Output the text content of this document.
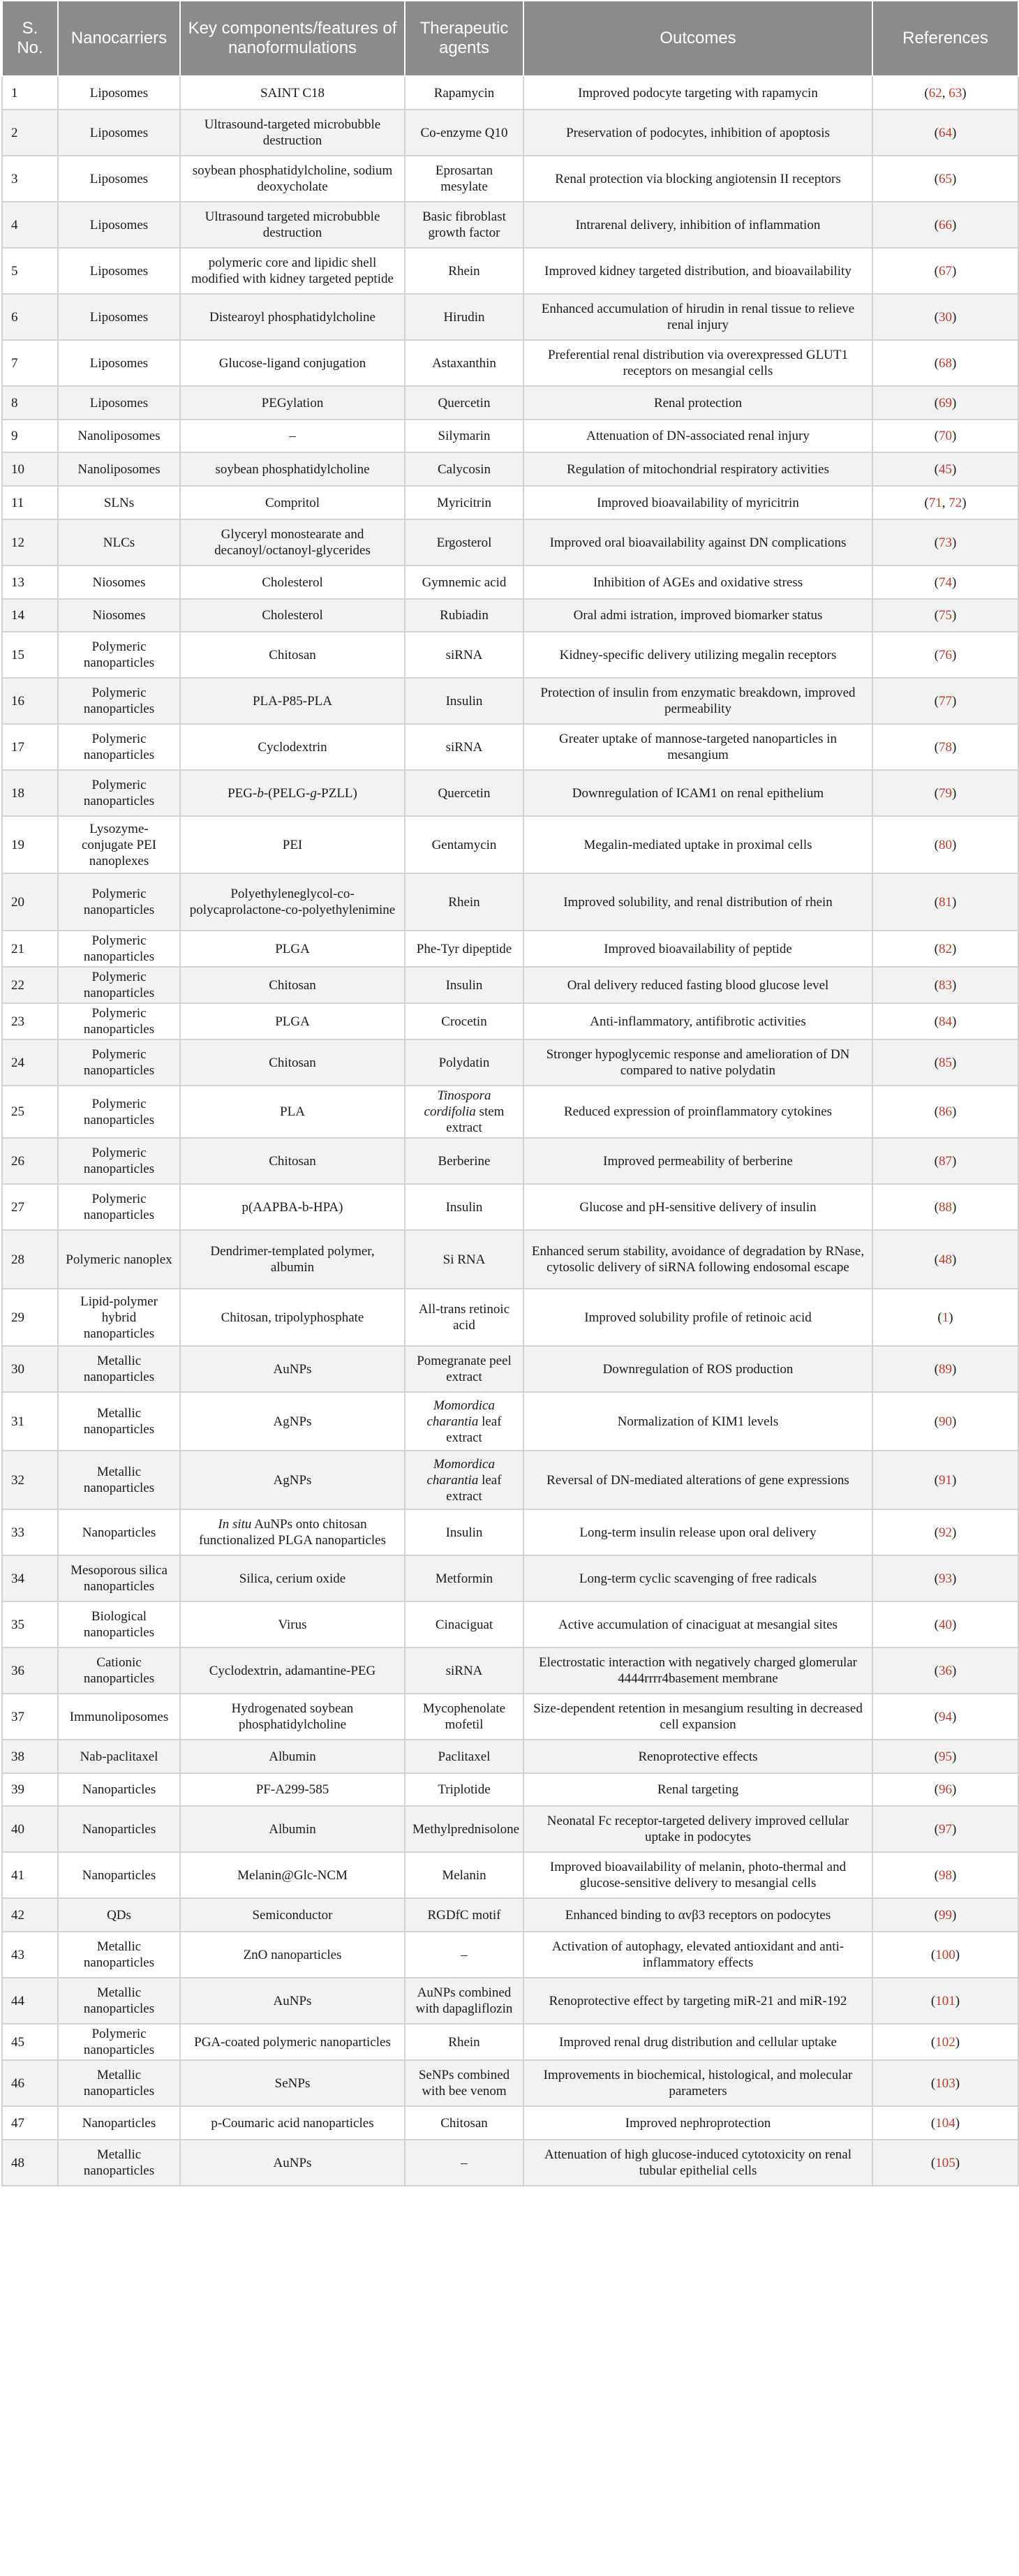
S. No.	Nanocarriers	Key components/features of nanoformulations	Therapeutic agents	Outcomes	References
1	Liposomes	SAINT C18	Rapamycin	Improved podocyte targeting with rapamycin	(62, 63)
2	Liposomes	Ultrasound-targeted microbubble destruction	Co-enzyme Q10	Preservation of podocytes, inhibition of apoptosis	(64)
3	Liposomes	soybean phosphatidylcholine, sodium deoxycholate	Eprosartan mesylate	Renal protection via blocking angiotensin II receptors	(65)
4	Liposomes	Ultrasound targeted microbubble destruction	Basic fibroblast growth factor	Intrarenal delivery, inhibition of inflammation	(66)
5	Liposomes	polymeric core and lipidic shell modified with kidney targeted peptide	Rhein	Improved kidney targeted distribution, and bioavailability	(67)
6	Liposomes	Distearoyl phosphatidylcholine	Hirudin	Enhanced accumulation of hirudin in renal tissue to relieve renal injury	(30)
7	Liposomes	Glucose-ligand conjugation	Astaxanthin	Preferential renal distribution via overexpressed GLUT1 receptors on mesangial cells	(68)
8	Liposomes	PEGylation	Quercetin	Renal protection	(69)
9	Nanoliposomes	–	Silymarin	Attenuation of DN-associated renal injury	(70)
10	Nanoliposomes	soybean phosphatidylcholine	Calycosin	Regulation of mitochondrial respiratory activities	(45)
11	SLNs	Compritol	Myricitrin	Improved bioavailability of myricitrin	(71, 72)
12	NLCs	Glyceryl monostearate and decanoyl/octanoyl-glycerides	Ergosterol	Improved oral bioavailability against DN complications	(73)
13	Niosomes	Cholesterol	Gymnemic acid	Inhibition of AGEs and oxidative stress	(74)
14	Niosomes	Cholesterol	Rubiadin	Oral admi istration, improved biomarker status	(75)
15	Polymeric nanoparticles	Chitosan	siRNA	Kidney-specific delivery utilizing megalin receptors	(76)
16	Polymeric nanoparticles	PLA-P85-PLA	Insulin	Protection of insulin from enzymatic breakdown, improved permeability	(77)
17	Polymeric nanoparticles	Cyclodextrin	siRNA	Greater uptake of mannose-targeted nanoparticles in mesangium	(78)
18	Polymeric nanoparticles	PEG-b-(PELG-g-PZLL)	Quercetin	Downregulation of ICAM1 on renal epithelium	(79)
19	Lysozyme-conjugate PEI nanoplexes	PEI	Gentamycin	Megalin-mediated uptake in proximal cells	(80)
20	Polymeric nanoparticles	Polyethyleneglycol-co-polycaprolactone-co-polyethylenimine	Rhein	Improved solubility, and renal distribution of rhein	(81)
21	Polymeric nanoparticles	PLGA	Phe-Tyr dipeptide	Improved bioavailability of peptide	(82)
22	Polymeric nanoparticles	Chitosan	Insulin	Oral delivery reduced fasting blood glucose level	(83)
23	Polymeric nanoparticles	PLGA	Crocetin	Anti-inflammatory, antifibrotic activities	(84)
24	Polymeric nanoparticles	Chitosan	Polydatin	Stronger hypoglycemic response and amelioration of DN compared to native polydatin	(85)
25	Polymeric nanoparticles	PLA	Tinospora cordifolia stem extract	Reduced expression of proinflammatory cytokines	(86)
26	Polymeric nanoparticles	Chitosan	Berberine	Improved permeability of berberine	(87)
27	Polymeric nanoparticles	p(AAPBA-b-HPA)	Insulin	Glucose and pH-sensitive delivery of insulin	(88)
28	Polymeric nanoplex	Dendrimer-templated polymer, albumin	Si RNA	Enhanced serum stability, avoidance of degradation by RNase, cytosolic delivery of siRNA following endosomal escape	(48)
29	Lipid-polymer hybrid nanoparticles	Chitosan, tripolyphosphate	All-trans retinoic acid	Improved solubility profile of retinoic acid	(1)
30	Metallic nanoparticles	AuNPs	Pomegranate peel extract	Downregulation of ROS production	(89)
31	Metallic nanoparticles	AgNPs	Momordica charantia leaf extract	Normalization of KIM1 levels	(90)
32	Metallic nanoparticles	AgNPs	Momordica charantia leaf extract	Reversal of DN-mediated alterations of gene expressions	(91)
33	Nanoparticles	In situ AuNPs onto chitosan functionalized PLGA nanoparticles	Insulin	Long-term insulin release upon oral delivery	(92)
34	Mesoporous silica nanoparticles	Silica, cerium oxide	Metformin	Long-term cyclic scavenging of free radicals	(93)
35	Biological nanoparticles	Virus	Cinaciguat	Active accumulation of cinaciguat at mesangial sites	(40)
36	Cationic nanoparticles	Cyclodextrin, adamantine-PEG	siRNA	Electrostatic interaction with negatively charged glomerular 4444rrrr4basement membrane	(36)
37	Immunoliposomes	Hydrogenated soybean phosphatidylcholine	Mycophenolate mofetil	Size-dependent retention in mesangium resulting in decreased cell expansion	(94)
38	Nab-paclitaxel	Albumin	Paclitaxel	Renoprotective effects	(95)
39	Nanoparticles	PF-A299-585	Triplotide	Renal targeting	(96)
40	Nanoparticles	Albumin	Methylprednisolone	Neonatal Fc receptor-targeted delivery improved cellular uptake in podocytes	(97)
41	Nanoparticles	Melanin@Glc-NCM	Melanin	Improved bioavailability of melanin, photo-thermal and glucose-sensitive delivery to mesangial cells	(98)
42	QDs	Semiconductor	RGDfC motif	Enhanced binding to αvβ3 receptors on podocytes	(99)
43	Metallic nanoparticles	ZnO nanoparticles	–	Activation of autophagy, elevated antioxidant and anti-inflammatory effects	(100)
44	Metallic nanoparticles	AuNPs	AuNPs combined with dapagliflozin	Renoprotective effect by targeting miR-21 and miR-192	(101)
45	Polymeric nanoparticles	PGA-coated polymeric nanoparticles	Rhein	Improved renal drug distribution and cellular uptake	(102)
46	Metallic nanoparticles	SeNPs	SeNPs combined with bee venom	Improvements in biochemical, histological, and molecular parameters	(103)
47	Nanoparticles	p-Coumaric acid nanoparticles	Chitosan	Improved nephroprotection	(104)
48	Metallic nanoparticles	AuNPs	–	Attenuation of high glucose-induced cytotoxicity on renal tubular epithelial cells	(105)
